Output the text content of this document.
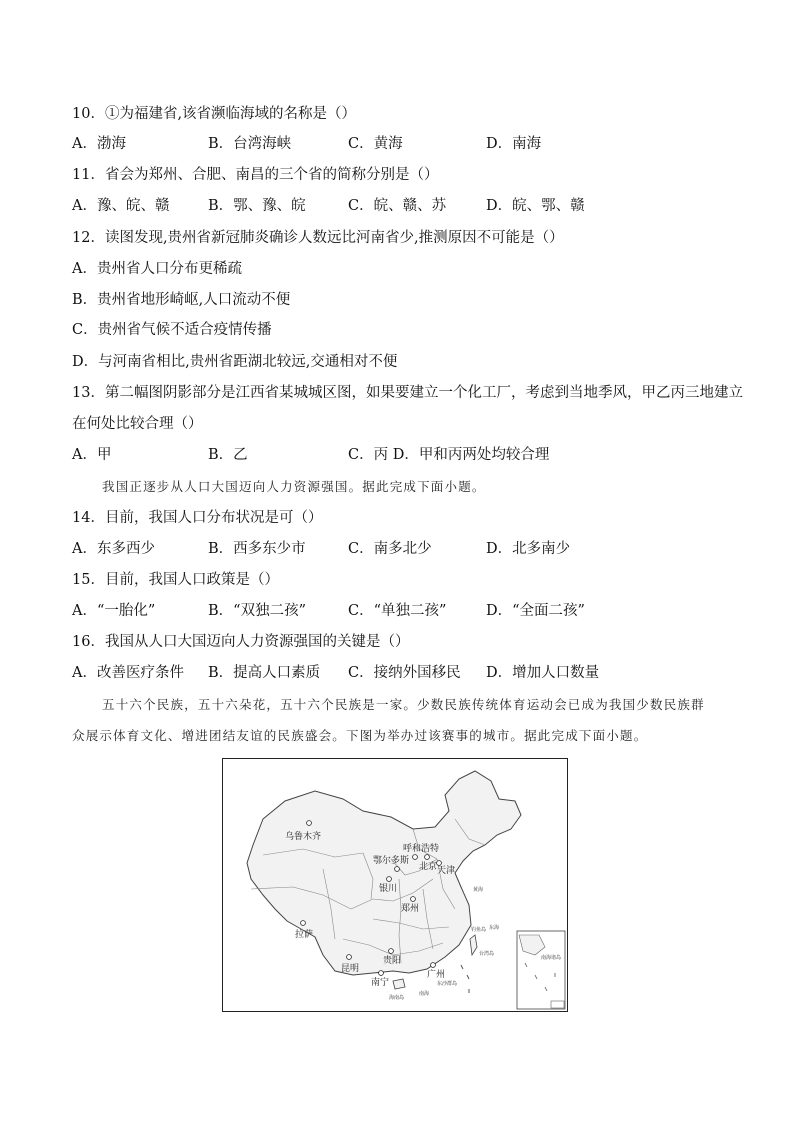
10．①为福建省,该省濒临海域的名称是（）
A．渤海	B．台湾海峡	C．黄海	D．南海
11．省会为郑州、合肥、南昌的三个省的简称分别是（）
A．豫、皖、赣	B．鄂、豫、皖	C．皖、赣、苏	D．皖、鄂、赣
12．读图发现,贵州省新冠肺炎确诊人数远比河南省少,推测原因不可能是（）
A．贵州省人口分布更稀疏
B．贵州省地形崎岖,人口流动不便
C．贵州省气候不适合疫情传播
D．与河南省相比,贵州省距湖北较远,交通相对不便
13．第二幅图阴影部分是江西省某城城区图，如果要建立一个化工厂，考虑到当地季风，甲乙丙三地建立
在何处比较合理（）
A．甲	B．乙	C．丙 D．甲和丙两处均较合理
我国正逐步从人口大国迈向人力资源强国。据此完成下面小题。
14．目前，我国人口分布状况是可（）
A．东多西少	B．西多东少市	C．南多北少	D．北多南少
15．目前，我国人口政策是（）
A．“一胎化”	B．“双独二孩”	C．“单独二孩”	D．“全面二孩”
16．我国从人口大国迈向人力资源强国的关键是（）
A．改善医疗条件 B．提高人口素质 C．接纳外国移民 D．增加人口数量
五十六个民族，五十六朵花，五十六个民族是一家。少数民族传统体育运动会已成为我国少数民族群
众展示体育文化、增进团结友谊的民族盛会。下图为举办过该赛事的城市。据此完成下面小题。
乌鲁木齐
呼和浩特
鄂尔多斯
北京 天津
银川
郑州
拉萨
贵阳
昆明
南宁
广州
黄海
东海
南海
钓鱼岛
台湾岛
东沙群岛
海南岛
南海诸岛
